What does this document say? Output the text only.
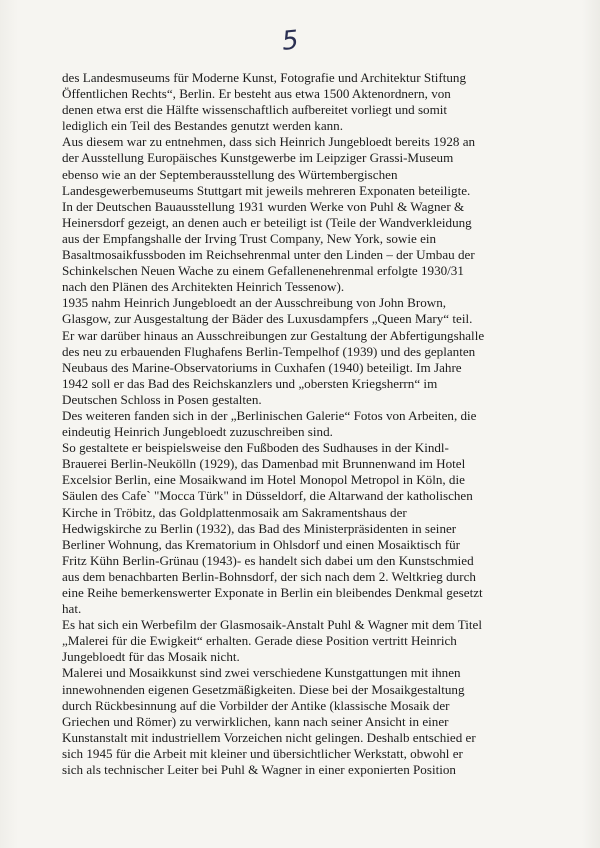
5
des Landesmuseums für Moderne Kunst, Fotografie und Architektur Stiftung
Öffentlichen Rechts“, Berlin. Er besteht aus etwa 1500 Aktenordnern, von
denen etwa erst die Hälfte wissenschaftlich aufbereitet vorliegt und somit
lediglich ein Teil des Bestandes genutzt werden kann.
Aus diesem war zu entnehmen, dass sich Heinrich Jungebloedt bereits 1928 an
der Ausstellung Europäisches Kunstgewerbe im Leipziger Grassi-Museum
ebenso wie an der Septemberausstellung des Würtembergischen
Landesgewerbemuseums Stuttgart mit jeweils mehreren Exponaten beteiligte.
In der Deutschen Bauausstellung 1931 wurden Werke von Puhl & Wagner &
Heinersdorf gezeigt, an denen auch er beteiligt ist (Teile der Wandverkleidung
aus der Empfangshalle der Irving Trust Company, New York, sowie ein
Basaltmosaikfussboden im Reichsehrenmal unter den Linden – der Umbau der
Schinkelschen Neuen Wache zu einem Gefallenenehrenmal erfolgte 1930/31
nach den Plänen des Architekten Heinrich Tessenow).
1935 nahm Heinrich Jungebloedt an der Ausschreibung von John Brown,
Glasgow, zur Ausgestaltung der Bäder des Luxusdampfers „Queen Mary“ teil.
Er war darüber hinaus an Ausschreibungen zur Gestaltung der Abfertigungshalle
des neu zu erbauenden Flughafens Berlin-Tempelhof (1939) und des geplanten
Neubaus des Marine-Observatoriums in Cuxhafen (1940) beteiligt. Im Jahre
1942 soll er das Bad des Reichskanzlers und „obersten Kriegsherrn“ im
Deutschen Schloss in Posen gestalten.
Des weiteren fanden sich in der „Berlinischen Galerie“ Fotos von Arbeiten, die
eindeutig Heinrich Jungebloedt zuzuschreiben sind.
So gestaltete er beispielsweise den Fußboden des Sudhauses in der Kindl-
Brauerei Berlin-Neukölln (1929), das Damenbad mit Brunnenwand im Hotel
Excelsior Berlin, eine Mosaikwand im Hotel Monopol Metropol in Köln, die
Säulen des Cafe` "Mocca Türk" in Düsseldorf, die Altarwand der katholischen
Kirche in Tröbitz, das Goldplattenmosaik am Sakramentshaus der
Hedwigskirche zu Berlin (1932), das Bad des Ministerpräsidenten in seiner
Berliner Wohnung, das Krematorium in Ohlsdorf und einen Mosaiktisch für
Fritz Kühn Berlin-Grünau (1943)- es handelt sich dabei um den Kunstschmied
aus dem benachbarten Berlin-Bohnsdorf, der sich nach dem 2. Weltkrieg durch
eine Reihe bemerkenswerter Exponate in Berlin ein bleibendes Denkmal gesetzt
hat.
Es hat sich ein Werbefilm der Glasmosaik-Anstalt Puhl & Wagner mit dem Titel
„Malerei für die Ewigkeit“ erhalten. Gerade diese Position vertritt Heinrich
Jungebloedt für das Mosaik nicht.
Malerei und Mosaikkunst sind zwei verschiedene Kunstgattungen mit ihnen
innewohnenden eigenen Gesetzmäßigkeiten. Diese bei der Mosaikgestaltung
durch Rückbesinnung auf die Vorbilder der Antike (klassische Mosaik der
Griechen und Römer) zu verwirklichen, kann nach seiner Ansicht in einer
Kunstanstalt mit industriellem Vorzeichen nicht gelingen. Deshalb entschied er
sich 1945 für die Arbeit mit kleiner und übersichtlicher Werkstatt, obwohl er
sich als technischer Leiter bei Puhl & Wagner in einer exponierten Position
